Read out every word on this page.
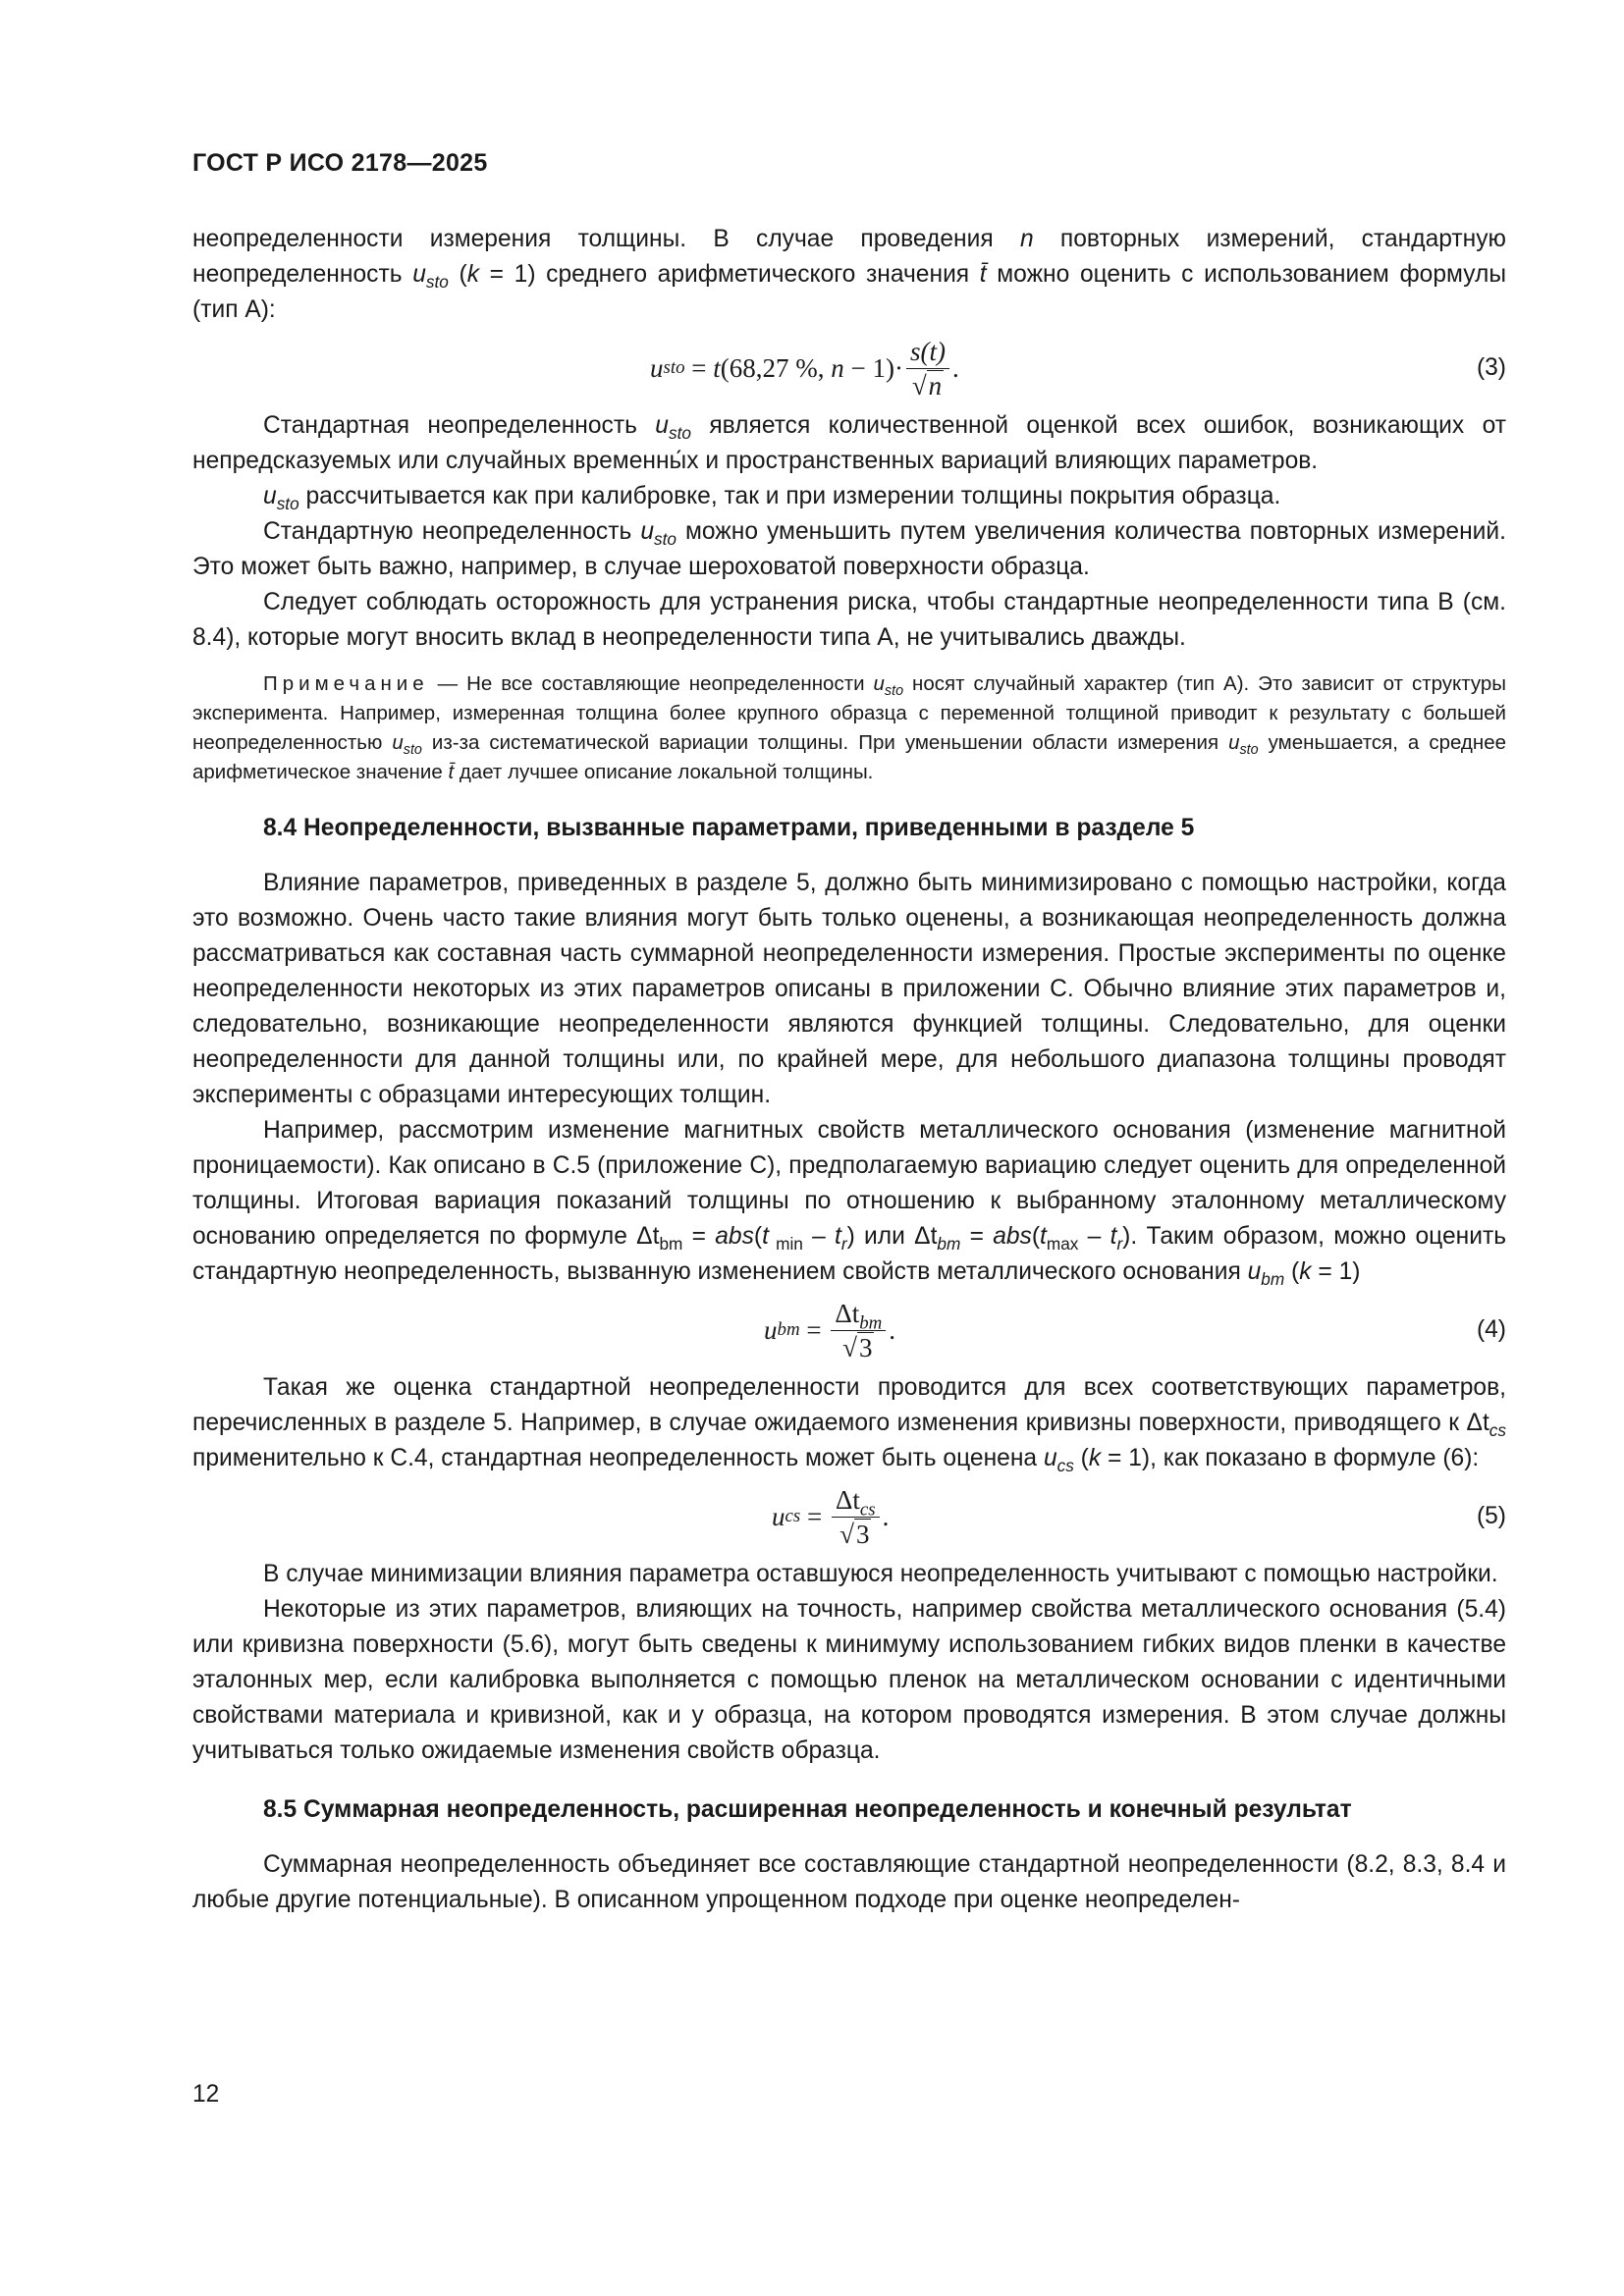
ГОСТ Р ИСО 2178—2025

неопределенности измерения толщины. В случае проведения n повторных измерений, стандартную неопределенность $u_{sto}$ (k = 1) среднего арифметического значения t̄ можно оценить с использованием формулы (тип А):

u sto = t (68,27 %, $n - 1)\cdot \frac{s(t)}{√n}$ .	(3)

Стандартная неопределенность $u_{sto}$ является количественной оценкой всех ошибок, возникающих от непредсказуемых или случайных временны́х и пространственных вариаций влияющих параметров.

$u_{sto}$ рассчитывается как при калибровке, так и при измерении толщины покрытия образца.

Стандартную неопределенность $u_{sto}$ можно уменьшить путем увеличения количества повторных измерений. Это может быть важно, например, в случае шероховатой поверхности образца.

Следует соблюдать осторожность для устранения риска, чтобы стандартные неопределенности типа В (см. 8.4), которые могут вносить вклад в неопределенности типа А, не учитывались дважды.

Примечание — Не все составляющие неопределенности $u_{sto}$ носят случайный характер (тип А). Это зависит от структуры эксперимента. Например, измеренная толщина более крупного образца с переменной толщиной приводит к результату с большей неопределенностью $u_{sto}$ из-за систематической вариации толщины. При уменьшении области измерения $u_{sto}$ уменьшается, а среднее арифметическое значение t̄ дает лучшее описание локальной толщины.

8.4 Неопределенности, вызванные параметрами, приведенными в разделе 5

Влияние параметров, приведенных в разделе 5, должно быть минимизировано с помощью настройки, когда это возможно. Очень часто такие влияния могут быть только оценены, а возникающая неопределенность должна рассматриваться как составная часть суммарной неопределенности измерения. Простые эксперименты по оценке неопределенности некоторых из этих параметров описаны в приложении С. Обычно влияние этих параметров и, следовательно, возникающие неопределенности являются функцией толщины. Следовательно, для оценки неопределенности для данной толщины или, по крайней мере, для небольшого диапазона толщины проводят эксперименты с образцами интересующих толщин.

Например, рассмотрим изменение магнитных свойств металлического основания (изменение магнитной проницаемости). Как описано в С.5 (приложение С), предполагаемую вариацию следует оценить для определенной толщины. Итоговая вариация показаний толщины по отношению к выбранному эталонному металлическому основанию определяется по формуле $\Delta t_{bm} = abs(t$ $_{min} - t_r$) или $\Delta t_{bm} = abs(t_{max} - t_r)$. Таким образом, можно оценить стандартную неопределенность, вызванную изменением свойств металлического основания $u_{bm}$ (k = 1)

u bm = $\frac{\Delta t_{bm}}{√3}$ .	(4)

Такая же оценка стандартной неопределенности проводится для всех соответствующих параметров, перечисленных в разделе 5. Например, в случае ожидаемого изменения кривизны поверхности, приводящего к $\Delta t_{cs}$ применительно к С.4, стандартная неопределенность может быть оценена $u_{cs}$ (k = 1), как показано в формуле (6):

u cs = $\frac{\Delta t_{cs}}{√3}$ .	(5)

В случае минимизации влияния параметра оставшуюся неопределенность учитывают с помощью настройки.

Некоторые из этих параметров, влияющих на точность, например свойства металлического основания (5.4) или кривизна поверхности (5.6), могут быть сведены к минимуму использованием гибких видов пленки в качестве эталонных мер, если калибровка выполняется с помощью пленок на металлическом основании с идентичными свойствами материала и кривизной, как и у образца, на котором проводятся измерения. В этом случае должны учитываться только ожидаемые изменения свойств образца.

8.5 Суммарная неопределенность, расширенная неопределенность и конечный результат

Суммарная неопределенность объединяет все составляющие стандартной неопределенности (8.2, 8.3, 8.4 и любые другие потенциальные). В описанном упрощенном подходе при оценке неопределен-

12
